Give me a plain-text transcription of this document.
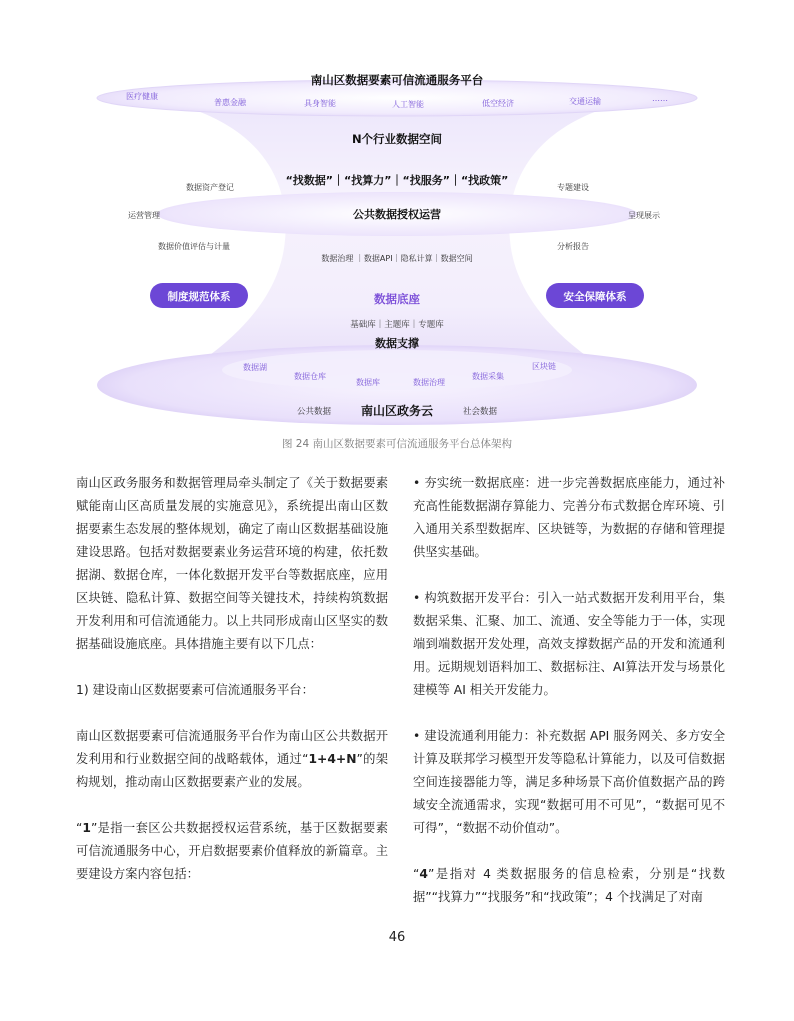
南山区数据要素可信流通服务平台
医疗健康
普惠金融	具身智能	人工智能	低空经济	交通运输	……
N个行业数据空间
“找数据”｜“找算力”｜“找服务”｜“找政策”
数据资产登记
运营管理
数据价值评估与计量
专题建设
呈现展示
分析报告
公共数据授权运营
数据治理 ｜数据API｜隐私计算｜数据空间
制度规范体系	安全保障体系
数据底座
基础库｜主题库｜专题库
数据支撑
数据湖
数据仓库
数据库	数据治理
数据采集
区块链
公共数据 南山区政务云	社会数据
图 24 南山区数据要素可信流通服务平台总体架构

南山区政务服务和数据管理局牵头制定了《关于数据要素赋能南山区高质量发展的实施意见》，系统提出南山区数据要素生态发展的整体规划，确定了南山区数据基础设施建设思路。包括对数据要素业务运营环境的构建，依托数据湖、数据仓库，一体化数据开发平台等数据底座，应用区块链、隐私计算、数据空间等关键技术，持续构筑数据开发利用和可信流通能力。以上共同形成南山区坚实的数据基础设施底座。具体措施主要有以下几点：

1) 建设南山区数据要素可信流通服务平台：

南山区数据要素可信流通服务平台作为南山区公共数据开发利用和行业数据空间的战略载体，通过“1+4+N”的架构规划，推动南山区数据要素产业的发展。

“1”是指一套区公共数据授权运营系统，基于区数据要素可信流通服务中心，开启数据要素价值释放的新篇章。主要建设方案内容包括：

• 夯实统一数据底座：进一步完善数据底座能力，通过补充高性能数据湖存算能力、完善分布式数据仓库环境、引入通用关系型数据库、区块链等，为数据的存储和管理提供坚实基础。

• 构筑数据开发平台：引入一站式数据开发利用平台，集数据采集、汇聚、加工、流通、安全等能力于一体，实现端到端数据开发处理，高效支撑数据产品的开发和流通利用。远期规划语料加工、数据标注、AI算法开发与场景化建模等 AI 相关开发能力。

• 建设流通利用能力：补充数据 API 服务网关、多方安全计算及联邦学习模型开发等隐私计算能力，以及可信数据空间连接器能力等，满足多种场景下高价值数据产品的跨域安全流通需求，实现“数据可用不可见”，“数据可见不可得”，“数据不动价值动”。

“4”是指对 4 类数据服务的信息检索，分别是“找数据”“找算力”“找服务”和“找政策”；4 个找满足了对南

46
